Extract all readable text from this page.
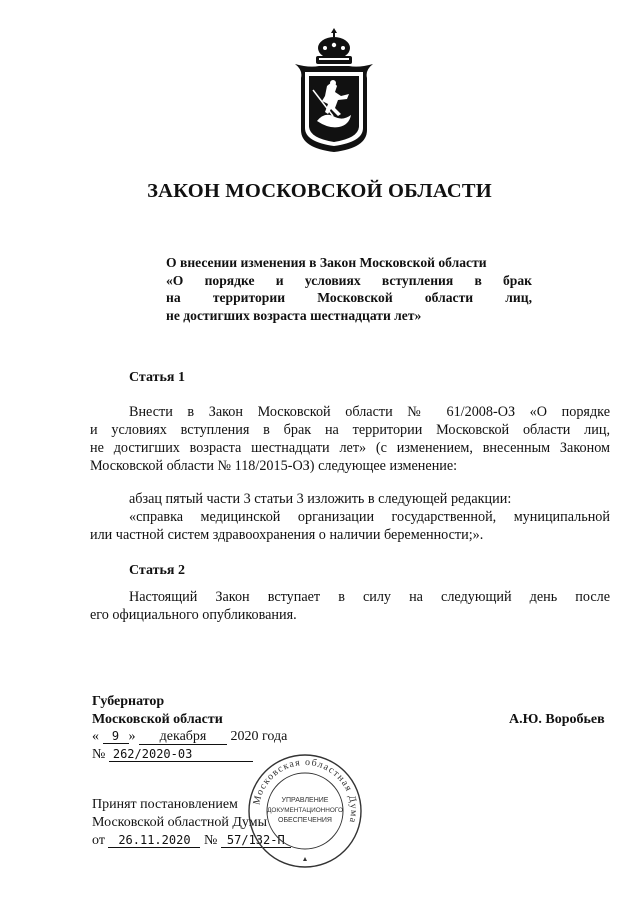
ЗАКОН МОСКОВСКОЙ ОБЛАСТИ
О внесении изменения в Закон Московской области
«О порядке и условиях вступления в брак
на территории Московской области лиц,
не достигших возраста шестнадцати лет»
Статья 1
Внести в Закон Московской области № 61/2008-ОЗ «О порядке
и условиях вступления в брак на территории Московской области лиц,
не достигших возраста шестнадцати лет» (с изменением, внесенным Законом
Московской области № 118/2015-ОЗ) следующее изменение:
абзац пятый части 3 статьи 3 изложить в следующей редакции:
«справка медицинской организации государственной, муниципальной
или частной систем здравоохранения о наличии беременности;».
Статья 2
Настоящий Закон вступает в силу на следующий день после
его официального опубликования.
Губернатор
Московской области	А.Ю. Воробьев
« 9 » декабря 2020 года
№ 262/2020-03
Принят постановлением
Московской областной Думы
от 26.11.2020 № 57/132-П
Московская областная Дума
УПРАВЛЕНИЕ
ДОКУМЕНТАЦИОННОГО
ОБЕСПЕЧЕНИЯ
